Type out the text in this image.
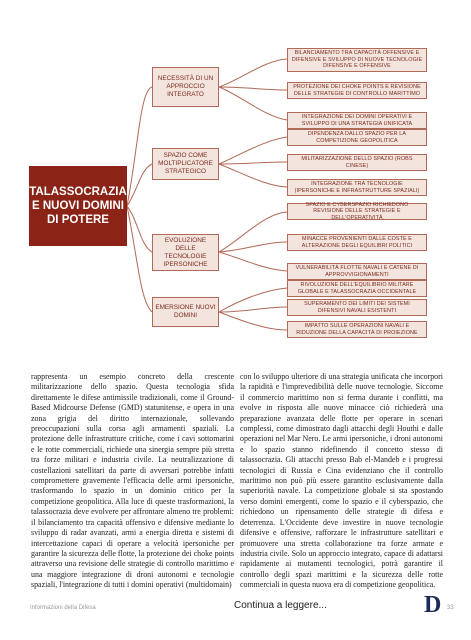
TALASSOCRAZIA E NUOVI DOMINI DI POTERE
NECESSITÀ DI UN APPROCCIO INTEGRATO
SPAZIO COME MOLTIPLICATORE STRATEGICO
EVOLUZIONE DELLE TECNOLOGIE IPERSONICHE
EMERSIONE NUOVI DOMINI
BILANCIAMENTO TRA CAPACITÀ OFFENSIVE E DIFENSIVE E SVILUPPO DI NUOVE TECNOLOGIE DIFENSIVE E OFFENSIVE
PROTEZIONE DEI CHOKE POINTS E REVISIONE DELLE STRATEGIE DI CONTROLLO MARITTIMO
INTEGRAZIONE DEI DOMINI OPERATIVI E SVILUPPO DI UNA STRATEGIA UNIFICATA
DIPENDENZA DALLO SPAZIO PER LA COMPETIZIONE GEOPOLITICA
MILITARIZZAZIONE DELLO SPAZIO (ROBS CINESE)
INTEGRAZIONE TRA TECNOLOGIE (IPERSONICHE E INFRASTRUTTURE SPAZIALI)
SPAZIO E CYBERSPAZIO RICHIEDONO REVISIONE DELLE STRATEGIE E DELL'OPERATIVITÀ
MINACCE PROVENIENTI DALLE COSTE E ALTERAZIONE DEGLI EQUILIBRI POLITICI
VULNERABILITÀ FLOTTE NAVALI E CATENE DI APPROVVIGIONAMENTI
RIVOLUZIONE DELL'EQUILIBRIO MILITARE GLOBALE E TALASSOCRAZIA OCCIDENTALE
SUPERAMENTO DEI LIMITI DEI SISTEMI DIFENSIVI NAVALI ESISTENTI
IMPATTO SULLE OPERAZIONI NAVALI E RIDUZIONE DELLA CAPACITÀ DI PROIEZIONE

rappresenta un esempio concreto della crescente militarizzazione dello spazio. Questa tecnologia sfida direttamente le difese antimissile tradizionali, come il Ground-Based Midcourse Defense (GMD) statunitense, e opera in una zona grigia del diritto internazionale, sollevando preoccupazioni sulla corsa agli armamenti spaziali. La protezione delle infrastrutture critiche, come i cavi sottomarini e le rotte commerciali, richiede una sinergia sempre più stretta tra forze militari e industria civile. La neutralizzazione di costellazioni satellitari da parte di avversari potrebbe infatti compromettere gravemente l'efficacia delle armi ipersoniche, trasformando lo spazio in un dominio critico per la competizione geopolitica. Alla luce di queste trasformazioni, la talassocrazia deve evolvere per affrontare almeno tre problemi: il bilanciamento tra capacità offensivo e difensive mediante lo sviluppo di radar avanzati, armi a energia diretta e sistemi di intercettazione capaci di operare a velocità ipersoniche per garantire la sicurezza delle flotte, la protezione dei choke points attraverso una revisione delle strategie di controllo marittimo e una maggiore integrazione di droni autonomi e tecnologie spaziali, l'integrazione di tutti i domini operativi (multidomain)

con lo sviluppo ulteriore di una strategia unificata che incorpori la rapidità e l'imprevedibilità delle nuove tecnologie. Siccome il commercio marittimo non si ferma durante i conflitti, ma evolve in risposta alle nuove minacce ciò richiederà una preparazione avanzata delle flotte per operare in scenari complessi, come dimostrato dagli attacchi degli Houthi e dalle operazioni nel Mar Nero. Le armi ipersoniche, i droni autonomi e lo spazio stanno ridefinendo il concetto stesso di talassocrazia. Gli attacchi presso Bab el-Mandeb e i progressi tecnologici di Russia e Cina evidenziano che il controllo marittimo non può più essere garantito esclusivamente dalla superiorità navale. La competizione globale si sta spostando verso domini emergenti, come lo spazio e il cyberspazio, che richiedono un ripensamento delle strategie di difesa e deterrenza. L'Occidente deve investire in nuove tecnologie difensive e offensive, rafforzare le infrastrutture satellitari e promuovere una stretta collaborazione tra forze armate e industria civile. Solo un approccio integrato, capace di adattarsi rapidamente ai mutamenti tecnologici, potrà garantire il controllo degli spazi marittimi e la sicurezza delle rotte commerciali in questa nuova era di competizione geopolitica.

Informazioni della Difesa	Continua a leggere...	D 33
